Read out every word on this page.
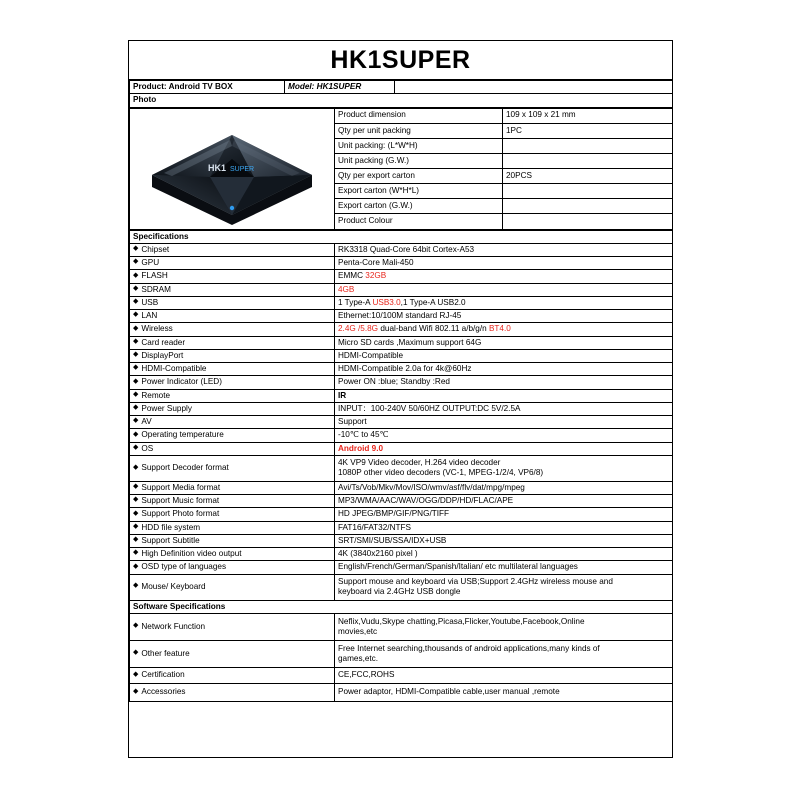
HK1SUPER
Product: Android TV BOX	Model: HK1SUPER	
Photo
HK1 SUPER	Product dimension	109 x 109 x 21 mm
	Qty per unit packing	1PC
	Unit packing: (L*W*H)	
	Unit packing (G.W.)	
	Qty per export carton	20PCS
	Export carton (W*H*L)	
	Export carton (G.W.)	
	Product Colour	
Specifications	
◆ Chipset	RK3318 Quad-Core 64bit Cortex-A53
◆ GPU	Penta-Core Mali-450
◆ FLASH	EMMC 32GB
◆ SDRAM	4GB
◆ USB	1 Type-A USB3.0,1 Type-A USB2.0
◆ LAN	Ethernet:10/100M standard RJ-45
◆ Wireless	2.4G /5.8G dual-band Wifi 802.11 a/b/g/n BT4.0
◆ Card reader	Micro SD cards ,Maximum support 64G
◆ DisplayPort	HDMI-Compatible
◆ HDMI-Compatible	HDMI-Compatible 2.0a for 4k@60Hz
◆ Power Indicator (LED)	Power ON :blue; Standby :Red
◆ Remote	IR
◆ Power Supply	INPUT：100-240V 50/60HZ OUTPUT:DC 5V/2.5A
◆ AV	Support
◆ Operating temperature	-10℃ to 45℃
◆ OS	Android 9.0
◆ Support Decoder format	4K VP9 Video decoder, H.264 video decoder
1080P other video decoders (VC-1, MPEG-1/2/4, VP6/8)

◆ Support Media format	Avi/Ts/Vob/Mkv/Mov/ISO/wmv/asf/flv/dat/mpg/mpeg
◆ Support Music format	MP3/WMA/AAC/WAV/OGG/DDP/HD/FLAC/APE
◆ Support Photo format	HD JPEG/BMP/GIF/PNG/TIFF
◆ HDD file system	FAT16/FAT32/NTFS
◆ Support Subtitle	SRT/SMI/SUB/SSA/IDX+USB
◆ High Definition video output	4K (3840x2160 pixel )
◆ OSD type of languages	English/French/German/Spanish/Italian/ etc multilateral languages
◆ Mouse/ Keyboard	Support mouse and keyboard via USB;Support 2.4GHz wireless mouse and
keyboard via 2.4GHz USB dongle

Software Specifications	
◆ Network Function	Neflix,Vudu,Skype chatting,Picasa,Flicker,Youtube,Facebook,Online
movies,etc

◆ Other feature	Free Internet searching,thousands of android applications,many kinds of
games,etc.

◆ Certification	CE,FCC,ROHS
◆ Accessories	Power adaptor, HDMI-Compatible cable,user manual ,remote
